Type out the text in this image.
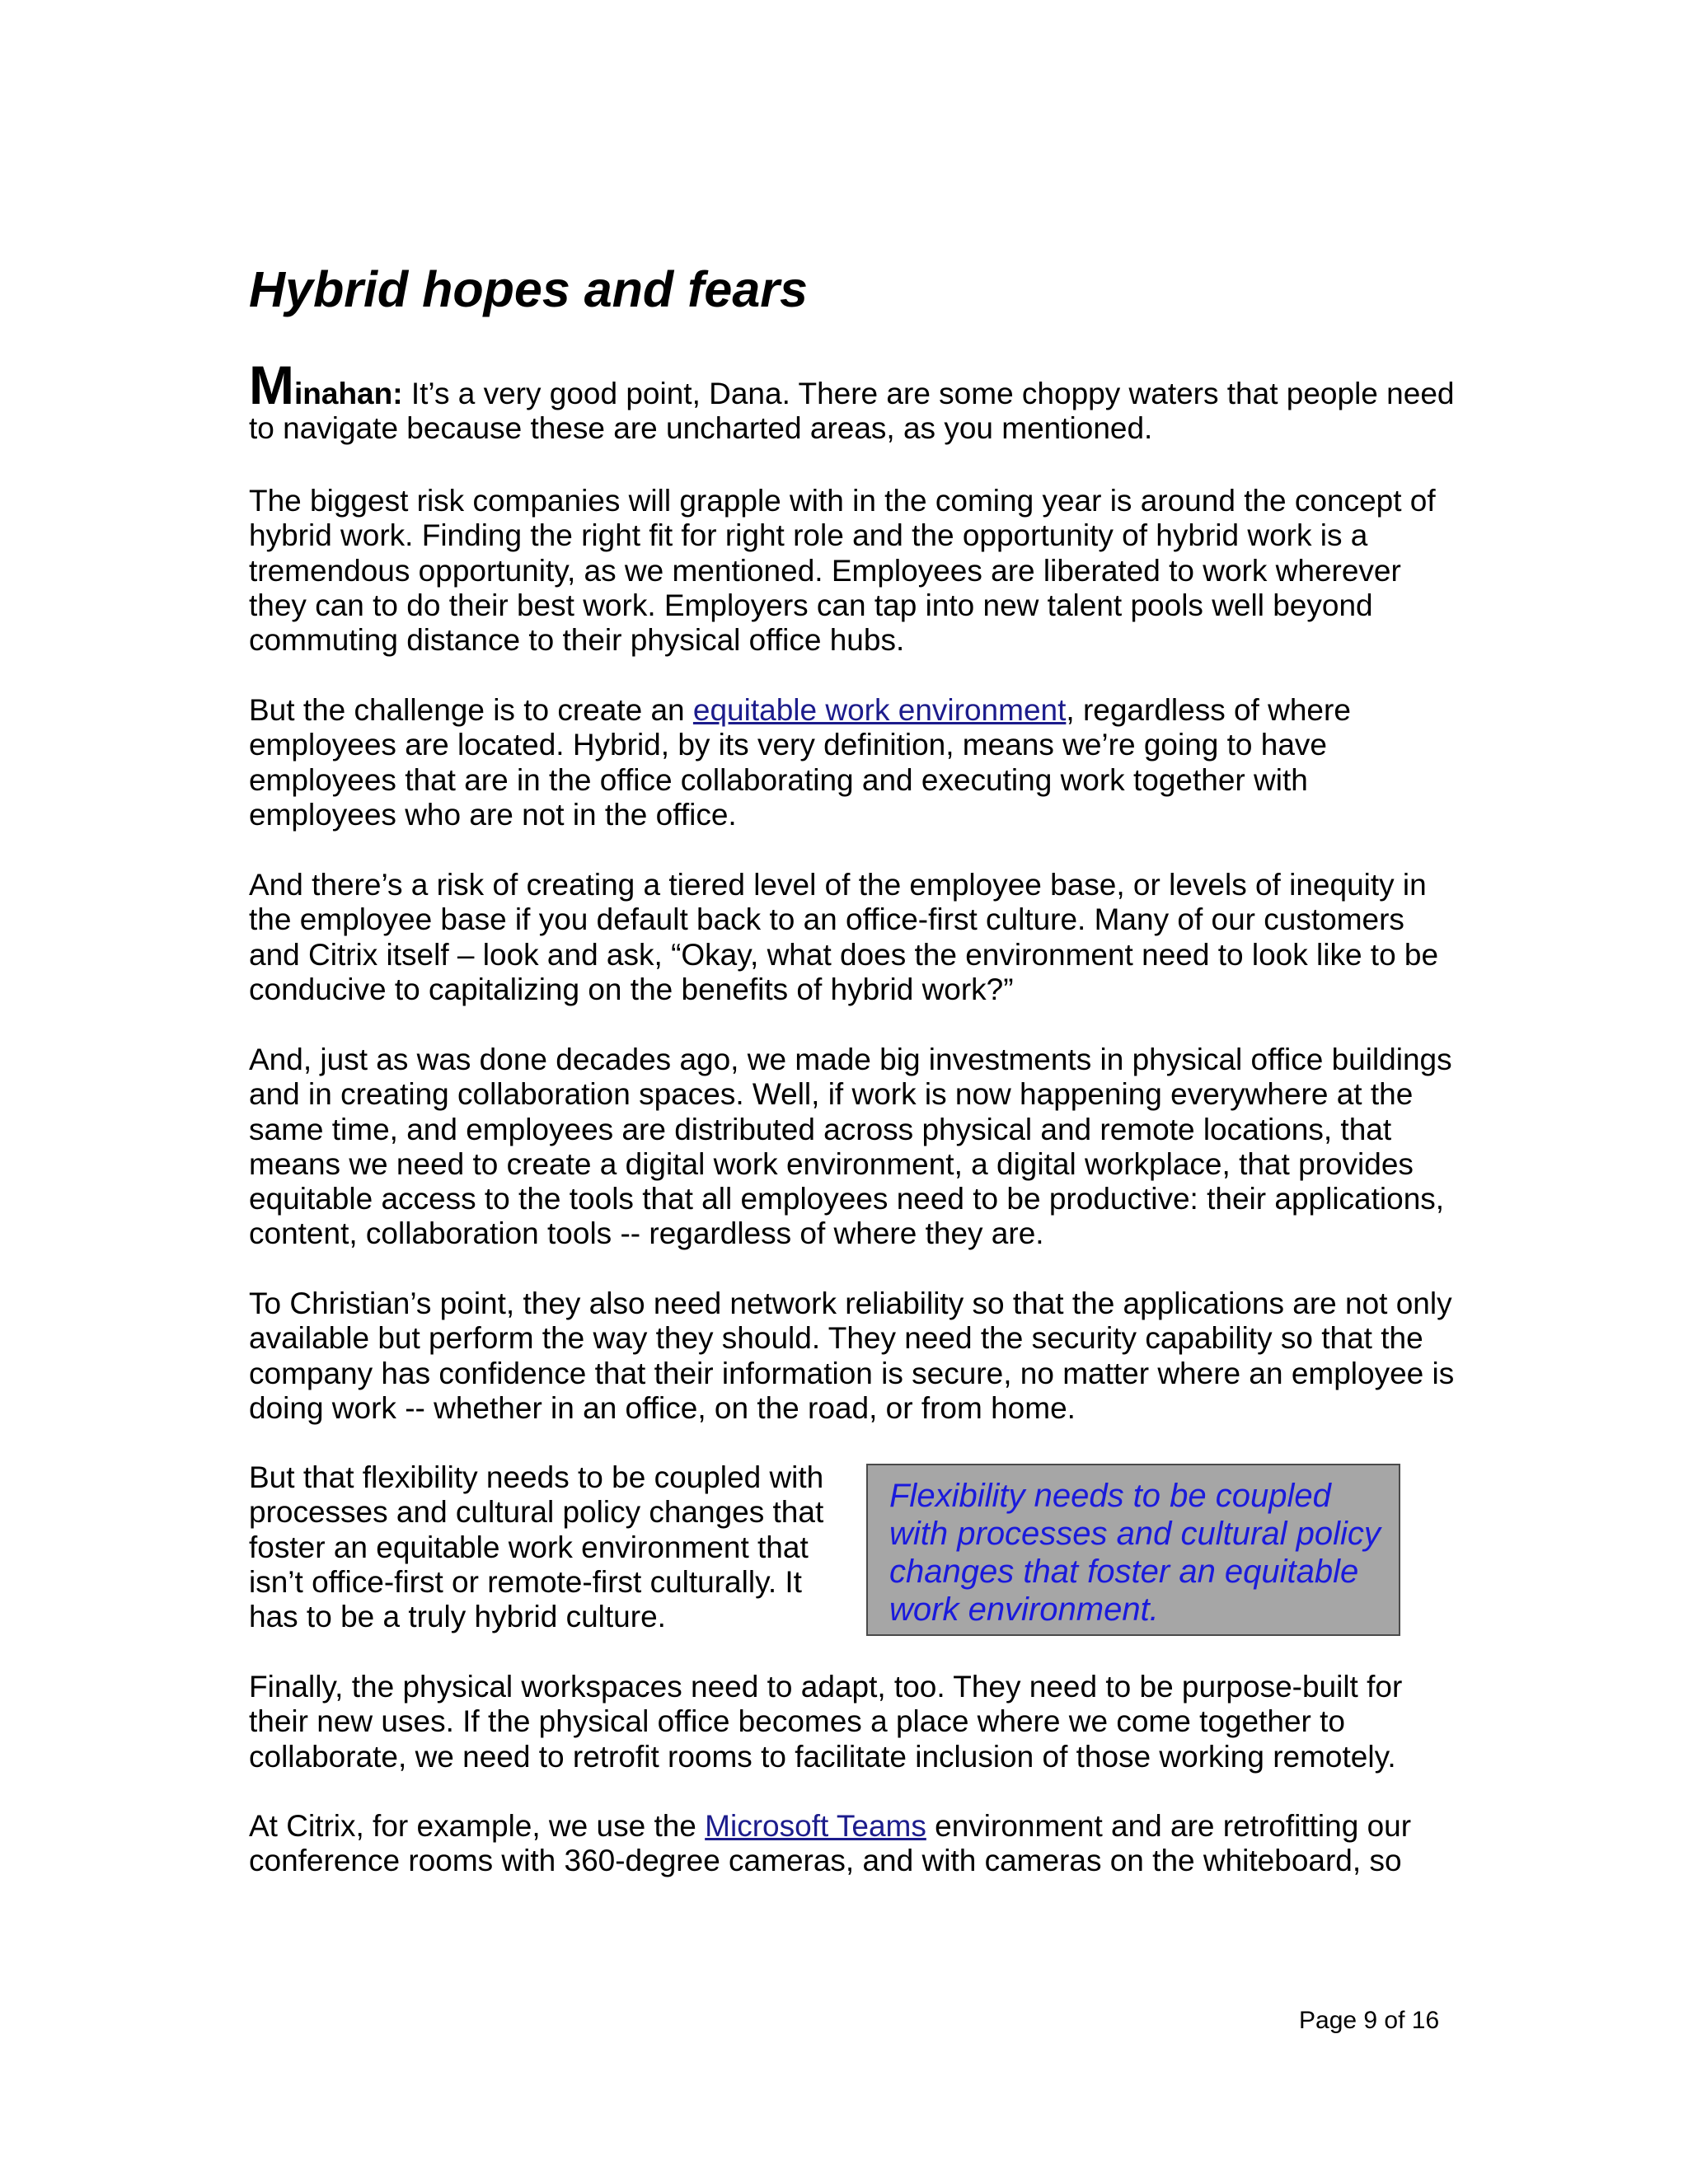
Hybrid hopes and fears

Minahan: It’s a very good point, Dana. There are some choppy waters that people need to navigate because these are uncharted areas, as you mentioned.

The biggest risk companies will grapple with in the coming year is around the concept of hybrid work. Finding the right fit for right role and the opportunity of hybrid work is a tremendous opportunity, as we mentioned. Employees are liberated to work wherever they can to do their best work. Employers can tap into new talent pools well beyond commuting distance to their physical office hubs.

But the challenge is to create an equitable work environment, regardless of where employees are located. Hybrid, by its very definition, means we’re going to have employees that are in the office collaborating and executing work together with employees who are not in the office.

And there’s a risk of creating a tiered level of the employee base, or levels of inequity in the employee base if you default back to an office-first culture. Many of our customers and Citrix itself – look and ask, “Okay, what does the environment need to look like to be conducive to capitalizing on the benefits of hybrid work?”

And, just as was done decades ago, we made big investments in physical office buildings and in creating collaboration spaces. Well, if work is now happening everywhere at the same time, and employees are distributed across physical and remote locations, that means we need to create a digital work environment, a digital workplace, that provides equitable access to the tools that all employees need to be productive: their applications, content, collaboration tools -- regardless of where they are.

To Christian’s point, they also need network reliability so that the applications are not only available but perform the way they should. They need the security capability so that the company has confidence that their information is secure, no matter where an employee is doing work -- whether in an office, on the road, or from home.

But that flexibility needs to be coupled with processes and cultural policy changes that foster an equitable work environment that isn’t office-first or remote-first culturally. It has to be a truly hybrid culture.

Flexibility needs to be coupled with processes and cultural policy changes that foster an equitable work environment.

Finally, the physical workspaces need to adapt, too. They need to be purpose-built for their new uses. If the physical office becomes a place where we come together to collaborate, we need to retrofit rooms to facilitate inclusion of those working remotely.

At Citrix, for example, we use the Microsoft Teams environment and are retrofitting our conference rooms with 360-degree cameras, and with cameras on the whiteboard, so

Page 9 of 16
